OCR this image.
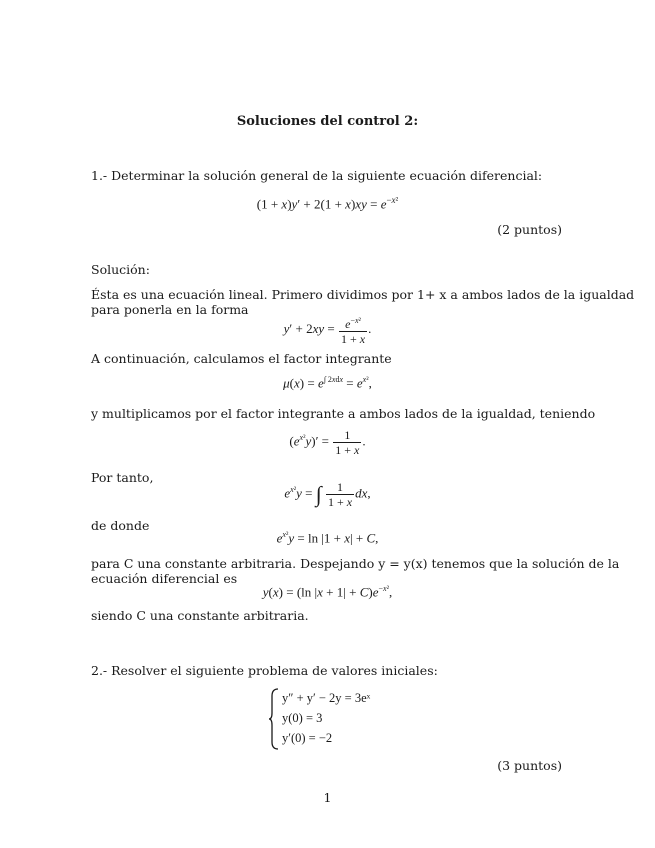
Soluciones del control 2:
1.- Determinar la solución general de la siguiente ecuación diferencial:
$(1 + x)y' + 2(1 + x)xy = e^{-x^2}$
(2 puntos)
Solución:
Ésta es una ecuación lineal. Primero dividimos por 1+ x a ambos lados de la igualdad
para ponerla en la forma
$y' + 2xy = \frac{e^{-x^2}}{1 + x}$ .
A continuación, calculamos el factor integrante
$\mu(x) = e^{\int 2xdx} = e^{x^2}$,
y multiplicamos por el factor integrante a ambos lados de la igualdad, teniendo
$(e^{x^2}y)' = \frac{1}{1 + x}$ .
Por tanto,
$e^{x^2}y$ = ∫ $\frac{1}{1 + x}$ dx,
de donde
$e^{x^2}y = \ln |1 + x| + C$,
para C una constante arbitraria. Despejando y = y(x) tenemos que la solución de la
ecuación diferencial es
y(x) = (ln $|x + 1| + C)e^{-x^2}$,
siendo C una constante arbitraria.
2.- Resolver el siguiente problema de valores iniciales:
y″ + y′ − 2y = 3eˣ
y(0) = 3
y′(0) = −2
(3 puntos)
1
